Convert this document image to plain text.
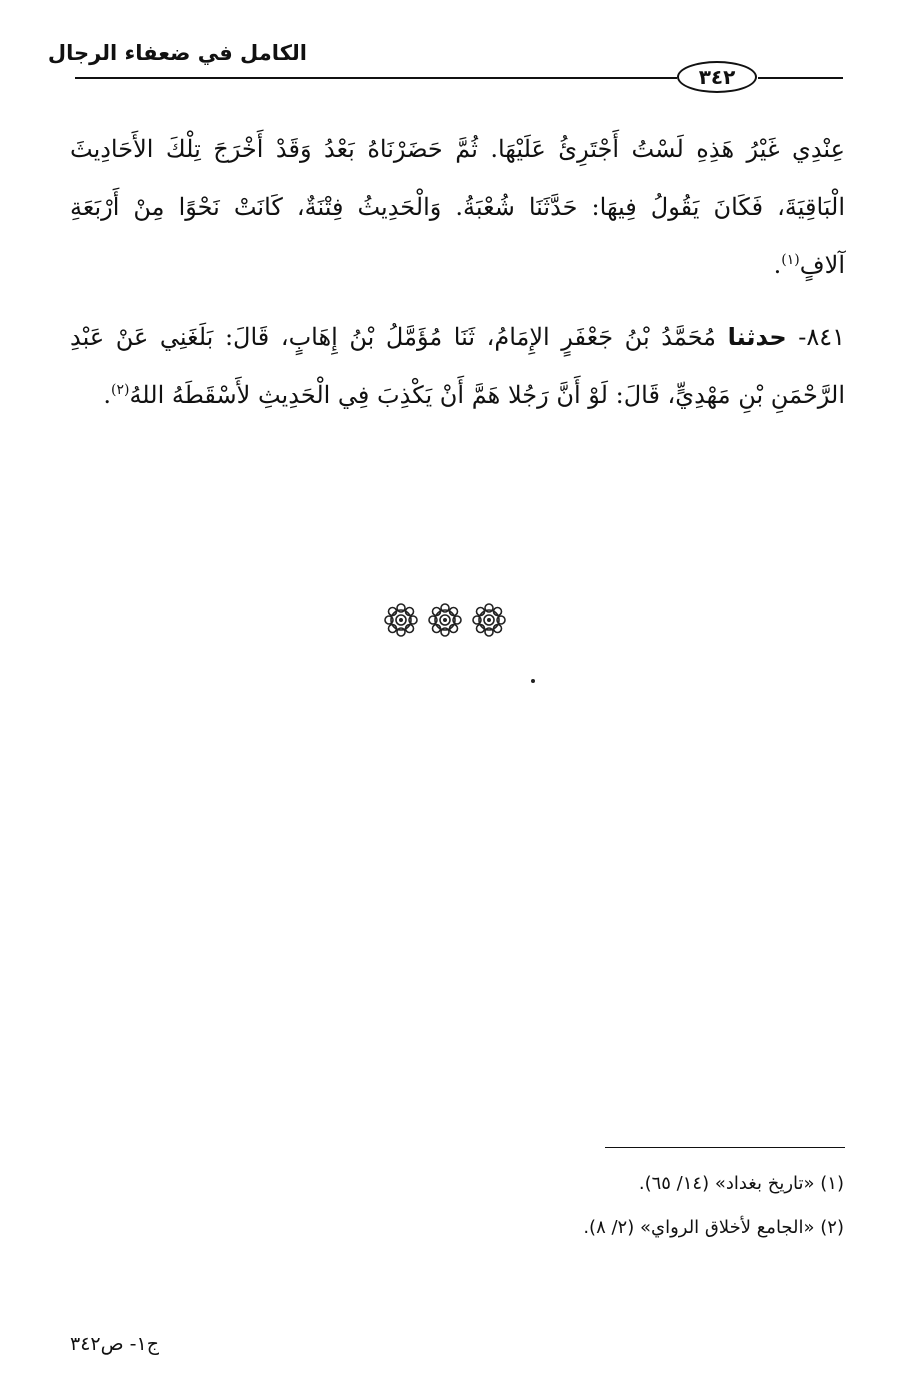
الكامل في ضعفاء الرجال
٣٤٢

عِنْدِي غَيْرُ هَذِهِ لَسْتُ أَجْتَرِئُ عَلَيْهَا. ثُمَّ حَضَرْنَاهُ بَعْدُ وَقَدْ أَخْرَجَ تِلْكَ الأَحَادِيثَ الْبَاقِيَةَ، فَكَانَ يَقُولُ فِيهَا: حَدَّثَنَا شُعْبَةُ. وَالْحَدِيثُ فِتْنَةٌ، كَانَتْ نَحْوًا مِنْ أَرْبَعَةِ آلافٍ$^{(١)}$.

٨٤١- حدثنا مُحَمَّدُ بْنُ جَعْفَرٍ الإِمَامُ، ثَنَا مُؤَمَّلُ بْنُ إِهَابٍ، قَالَ: بَلَغَنِي عَنْ عَبْدِ الرَّحْمَنِ بْنِ مَهْدِيٍّ، قَالَ: لَوْ أَنَّ رَجُلا هَمَّ أَنْ يَكْذِبَ فِي الْحَدِيثِ لأَسْقَطَهُ اللهُ$^{(٢)}$.

(١) «تاريخ بغداد» (١٤/ ٦٥).
(٢) «الجامع لأخلاق الرواي» (٢/ ٨).
ج١- ص٣٤٢
